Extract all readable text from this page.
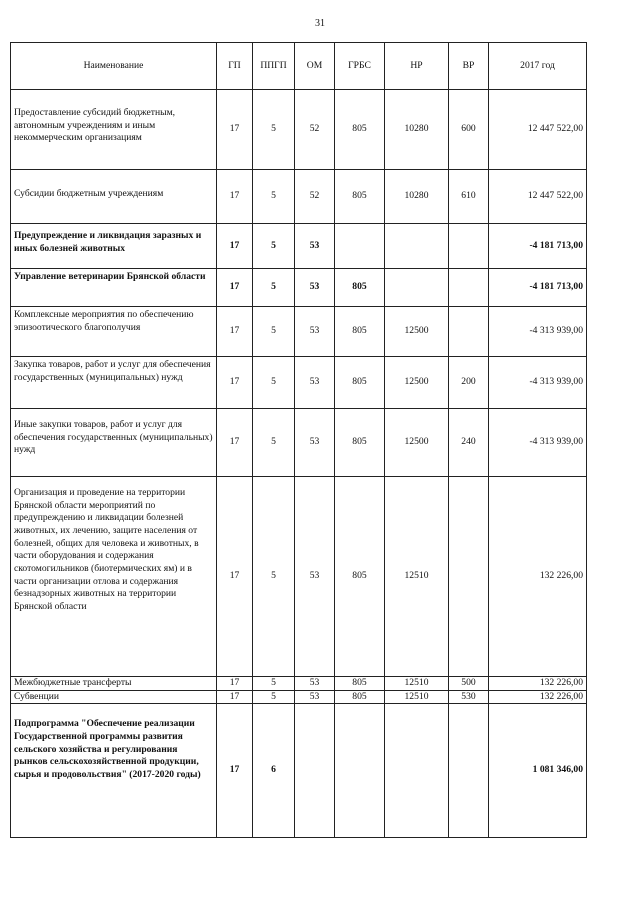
31
Наименование	ГП	ППГП	ОМ	ГРБС	НР	ВР	2017 год
Предоставление субсидий бюджетным, автономным учреждениям и иным некоммерческим организациям	17	5	52	805	10280	600	12 447 522,00
Субсидии бюджетным учреждениям	17	5	52	805	10280	610	12 447 522,00
Предупреждение и ликвидация заразных и иных болезней животных	17	5	53				-4 181 713,00
Управление ветеринарии Брянской области	17	5	53	805			-4 181 713,00
Комплексные мероприятия по обеспечению эпизоотического благополучия	17	5	53	805	12500		-4 313 939,00
Закупка товаров, работ и услуг для обеспечения государственных (муниципальных) нужд	17	5	53	805	12500	200	-4 313 939,00
Иные закупки товаров, работ и услуг для обеспечения государственных (муниципальных) нужд	17	5	53	805	12500	240	-4 313 939,00
Организация и проведение на территории Брянской области мероприятий по предупреждению и ликвидации болезней животных, их лечению, защите населения от болезней, общих для человека и животных, в части оборудования и содержания скотомогильников (биотермических ям) и в части организации отлова и содержания безнадзорных животных на территории Брянской области	17	5	53	805	12510		132 226,00
Межбюджетные трансферты	17	5	53	805	12510	500	132 226,00
Субвенции	17	5	53	805	12510	530	132 226,00
Подпрограмма "Обеспечение реализации Государственной программы развития сельского хозяйства и регулирования рынков сельскохозяйственной продукции, сырья и продовольствия" (2017-2020 годы)	17	6					1 081 346,00
